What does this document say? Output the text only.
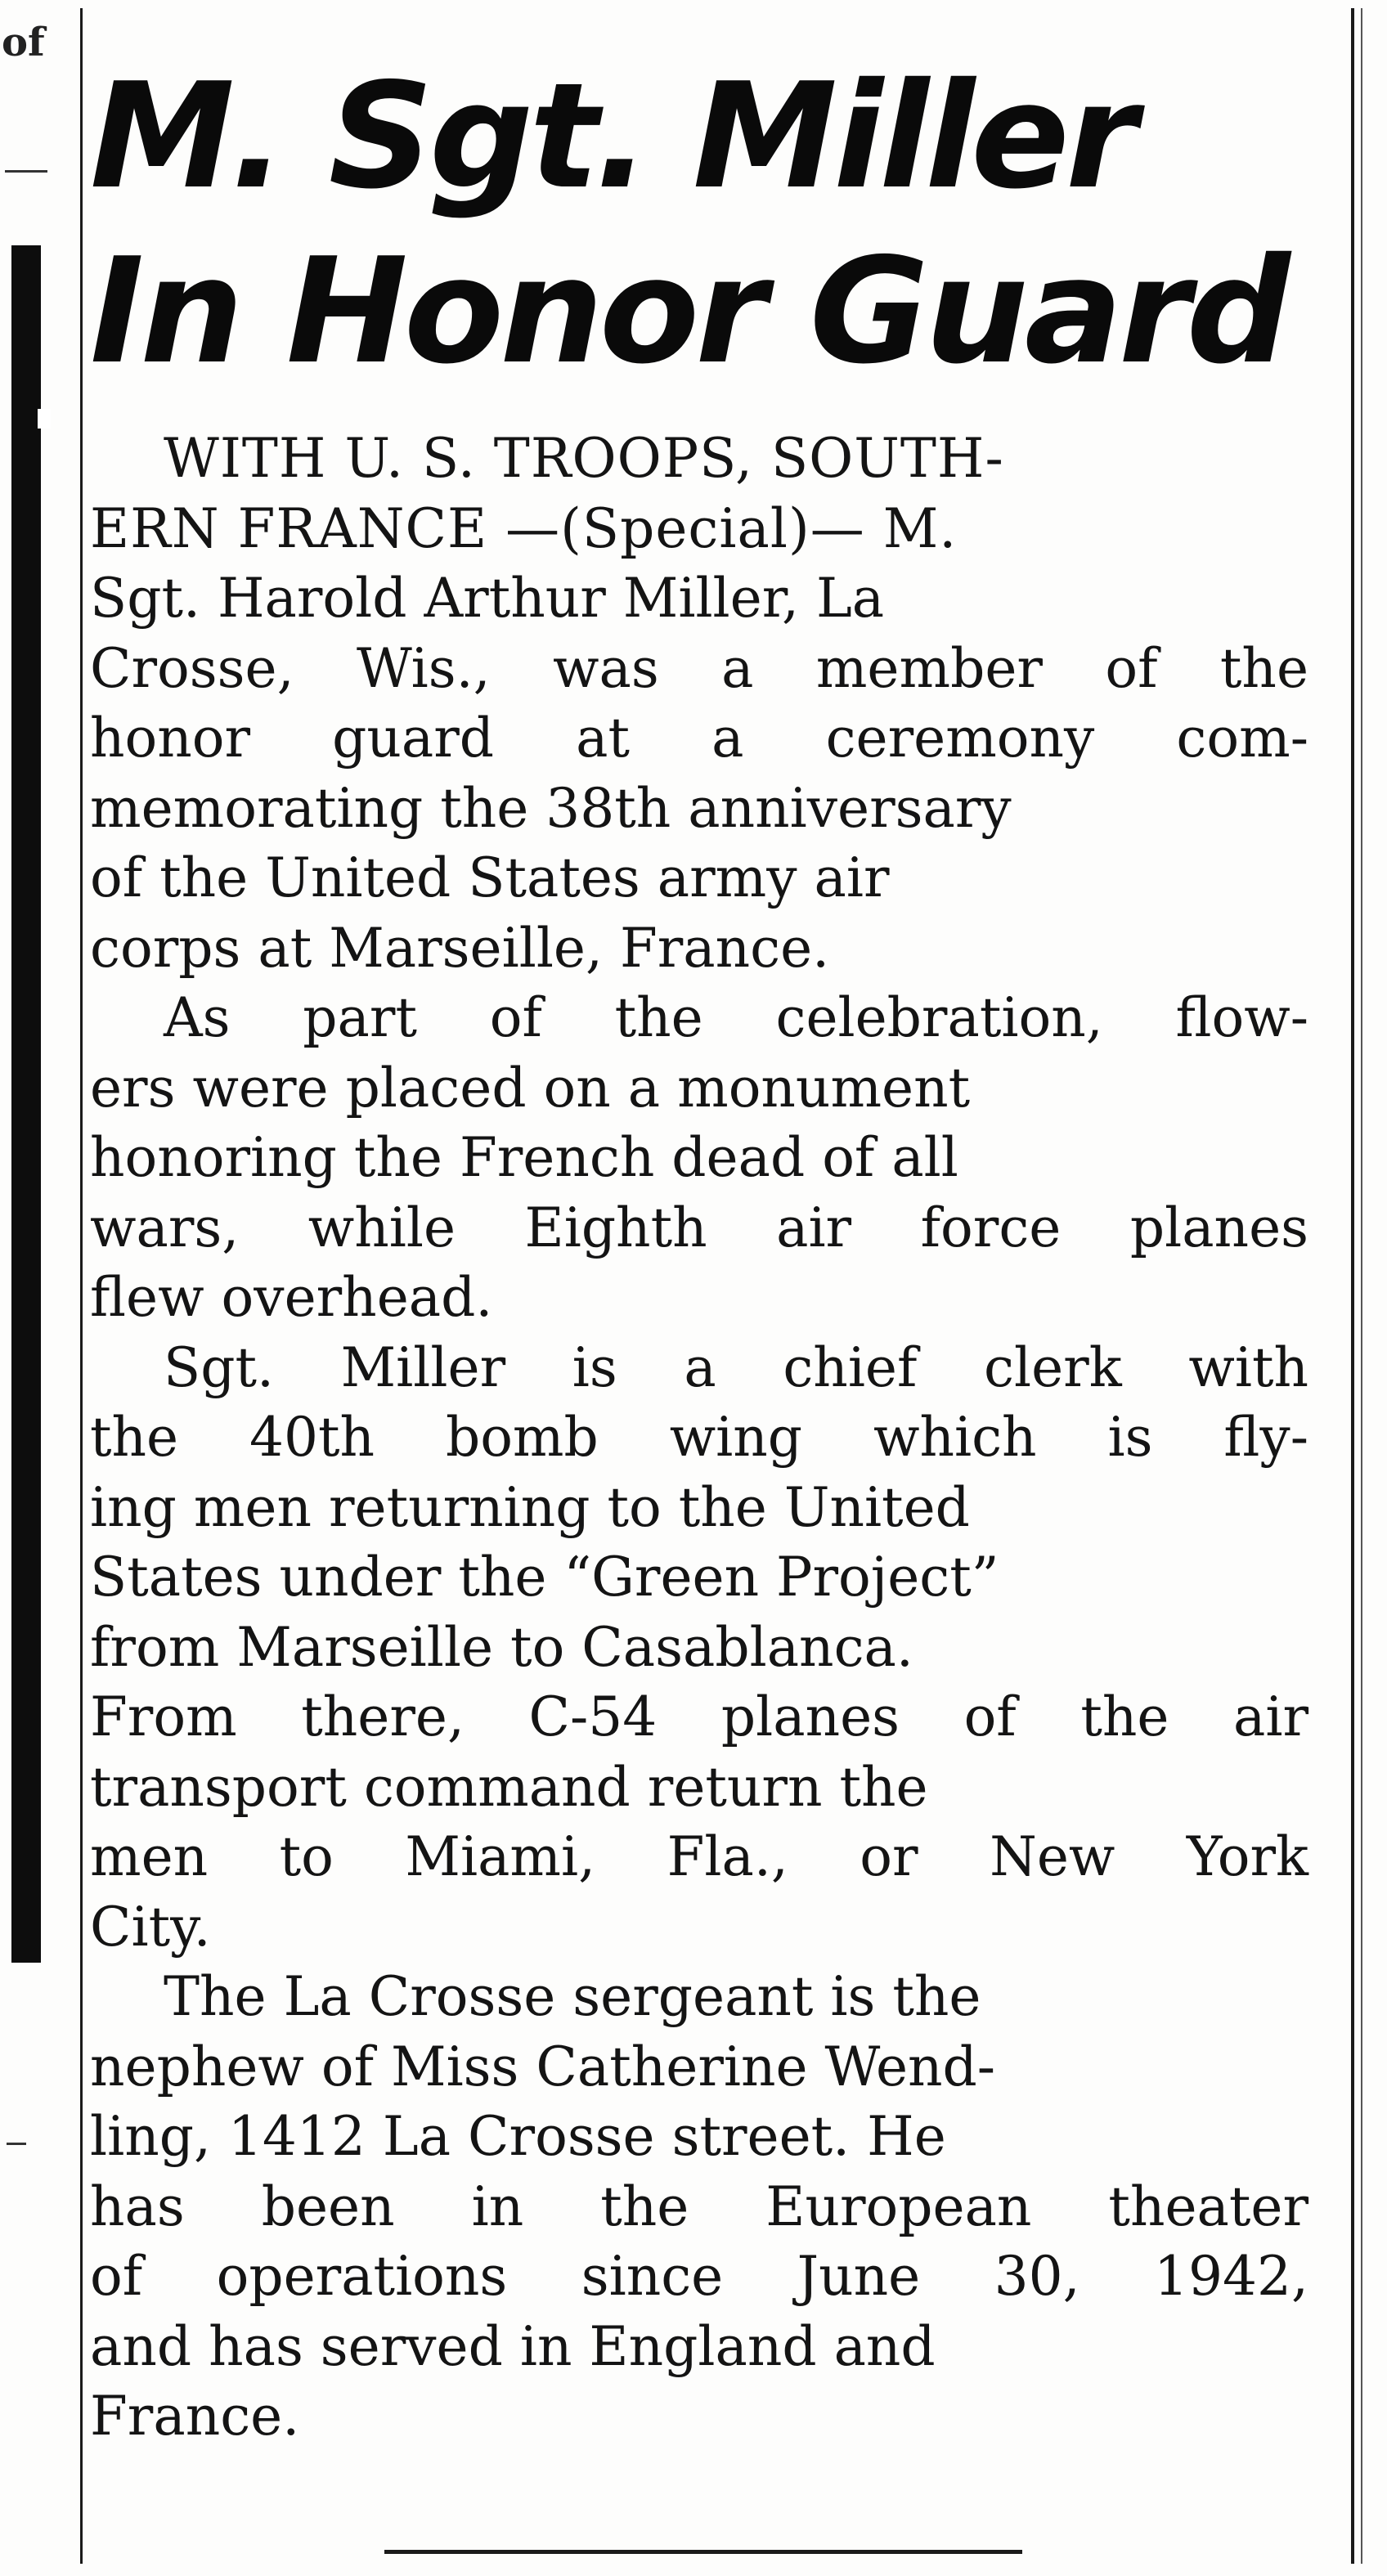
of
M. Sgt. Miller
In Honor Guard

WITH U. S. TROOPS, SOUTH-
ERN FRANCE —(Special)— M.
Sgt. Harold Arthur Miller, La
Crosse, Wis., was a member of the
honor guard at a ceremony com-
memorating the 38th anniversary
of the United States army air
corps at Marseille, France.

As part of the celebration, flow-
ers were placed on a monument
honoring the French dead of all
wars, while Eighth air force planes
flew overhead.

Sgt. Miller is a chief clerk with
the 40th bomb wing which is fly-
ing men returning to the United
States under the “Green Project”
from Marseille to Casablanca.
From there, C-54 planes of the air
transport command return the
men to Miami, Fla., or New York
City.

The La Crosse sergeant is the
nephew of Miss Catherine Wend-
ling, 1412 La Crosse street. He
has been in the European theater
of operations since June 30, 1942,
and has served in England and
France.
